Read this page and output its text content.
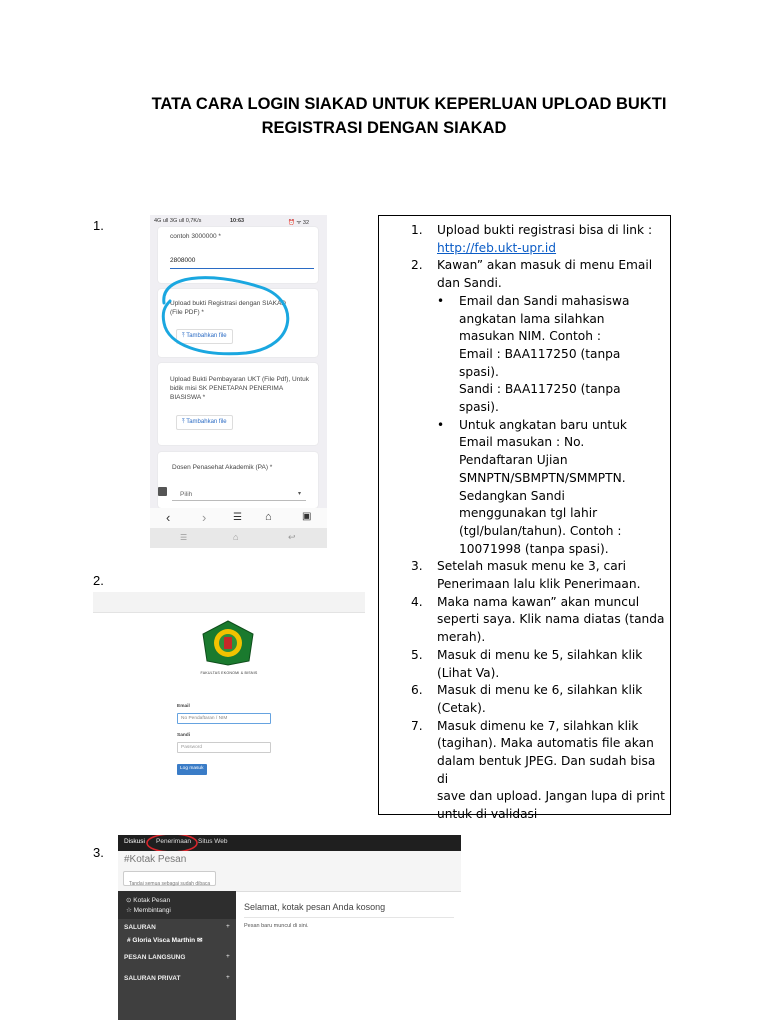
TATA CARA LOGIN SIAKAD UNTUK KEPERLUAN UPLOAD BUKTI
REGISTRASI DENGAN SIAKAD
1.
2.
3.
4G ull 3G ull 0,7K/s	10:63	⏰ ᯤ 32
contoh 3000000 *
2808000
Upload bukti Registrasi dengan SIAKAD (File PDF) *
⤒ Tambahkan file
Upload Bukti Pembayaran UKT (File Pdf), Untuk bidik misi SK PENETAPAN PENERIMA BIASISWA *
⤒ Tambahkan file
Dosen Penasehat Akademik (PA) *
Pilih	▾
‹ ›	☰ ⌂	▣
☰	⌂	↩
FAKULTAS EKONOMI & BISNIS
Email
No Pendaftaran / NIM
Sandi
Password
Log masuk
1. Upload bukti registrasi bisa di link :
http://feb.ukt-upr.id
2. Kawan” akan masuk di menu Email dan Sandi.
• Email dan Sandi mahasiswa
angkatan lama silahkan
masukan NIM. Contoh :
Email : BAA117250 (tanpa
spasi).
Sandi : BAA117250 (tanpa
spasi).
• Untuk angkatan baru untuk
Email masukan : No.
Pendaftaran Ujian
SMNPTN/SBMPTN/SMMPTN.
Sedangkan Sandi
menggunakan tgl lahir
(tgl/bulan/tahun). Contoh :
10071998 (tanpa spasi).
3. Setelah masuk menu ke 3, cari
Penerimaan lalu klik Penerimaan.
4. Maka nama kawan” akan muncul
seperti saya. Klik nama diatas (tanda
merah).
5. Masuk di menu ke 5, silahkan klik
(Lihat Va).
6. Masuk di menu ke 6, silahkan klik
(Cetak).
7. Masuk dimenu ke 7, silahkan klik
(tagihan). Maka automatis file akan
dalam bentuk JPEG. Dan sudah bisa di
save dan upload. Jangan lupa di print
untuk di validasi
Diskusi Penerimaan Situs Web
#Kotak Pesan
Tandai semua sebagai sudah dibaca
⊙ Kotak Pesan
☆ Membintangi
SALURAN	+
# Gloria Visca Marthin ✉
PESAN LANGSUNG	+
SALURAN PRIVAT	+
Selamat, kotak pesan Anda kosong
Pesan baru muncul di sini.
